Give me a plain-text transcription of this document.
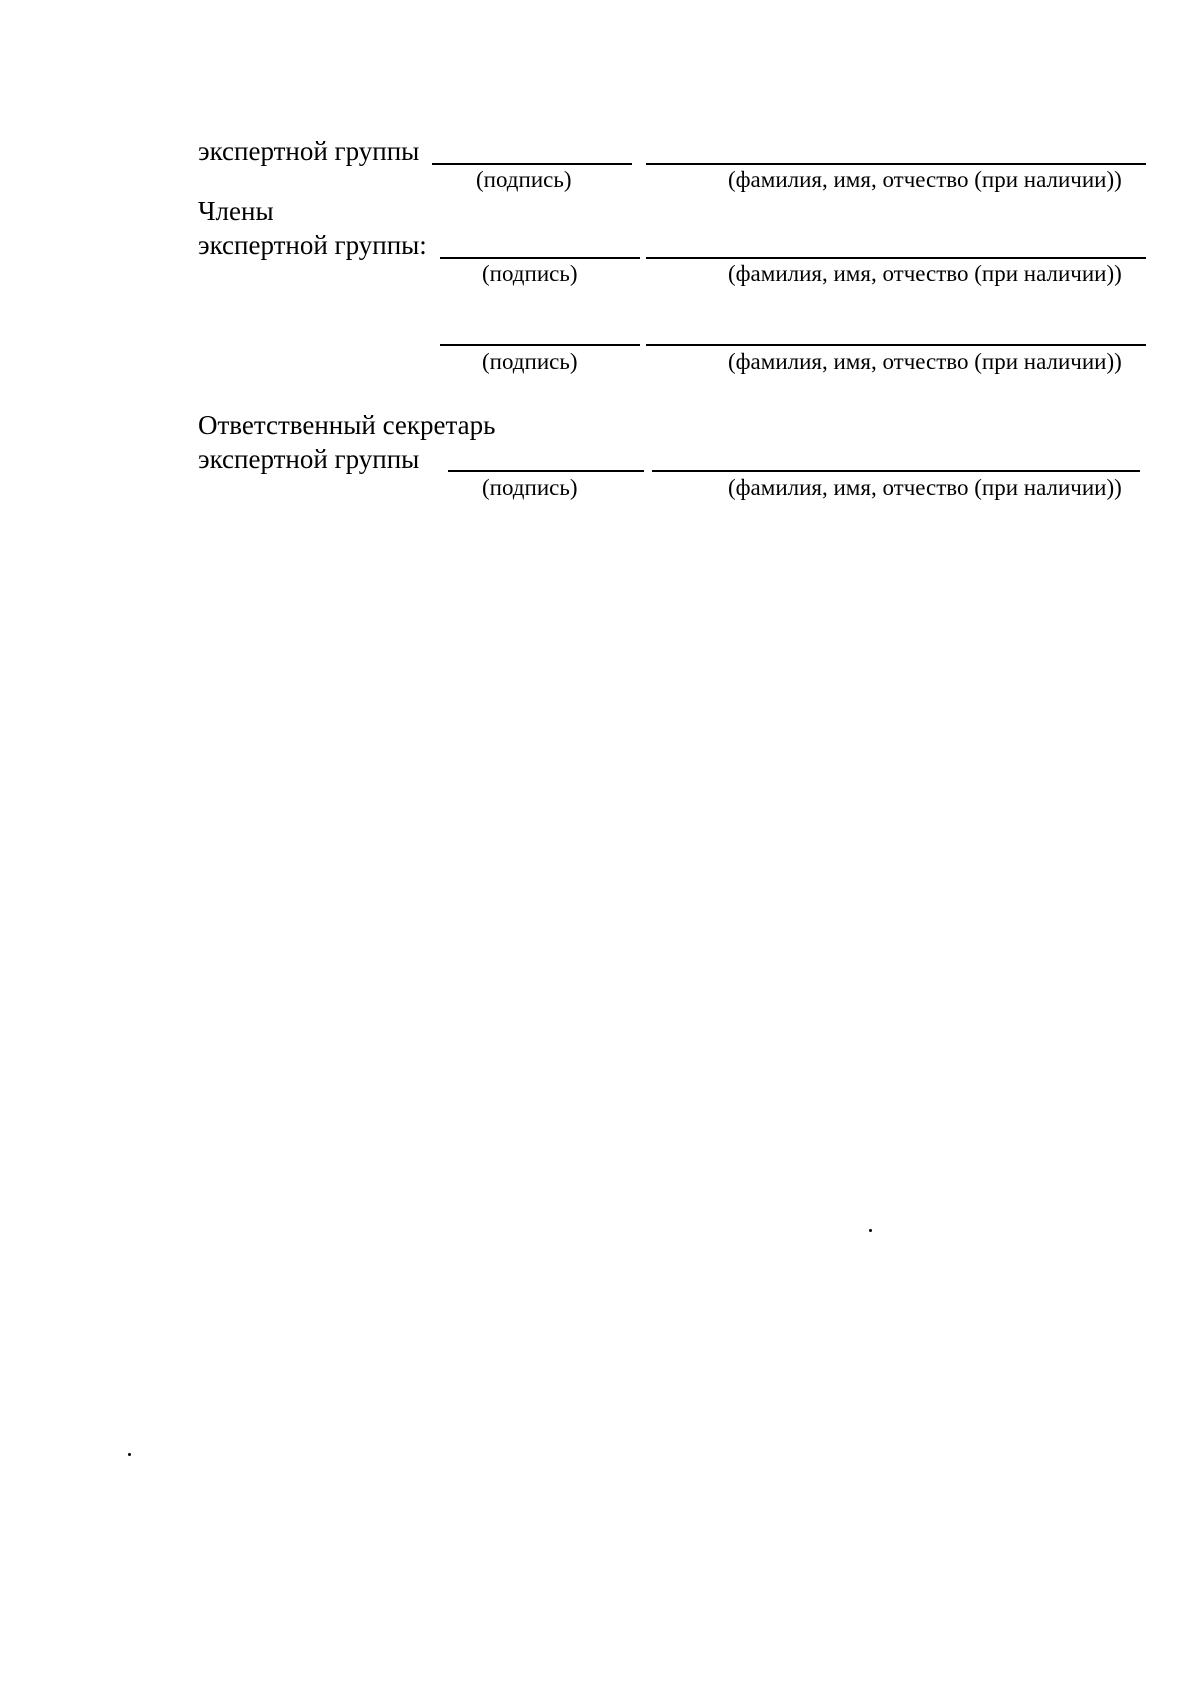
экспертной группы
(подпись)	(фамилия, имя, отчество (при наличии))
Члены
экспертной группы:
(подпись)	(фамилия, имя, отчество (при наличии))
(подпись)	(фамилия, имя, отчество (при наличии))
Ответственный секретарь
экспертной группы
(подпись)	(фамилия, имя, отчество (при наличии))
